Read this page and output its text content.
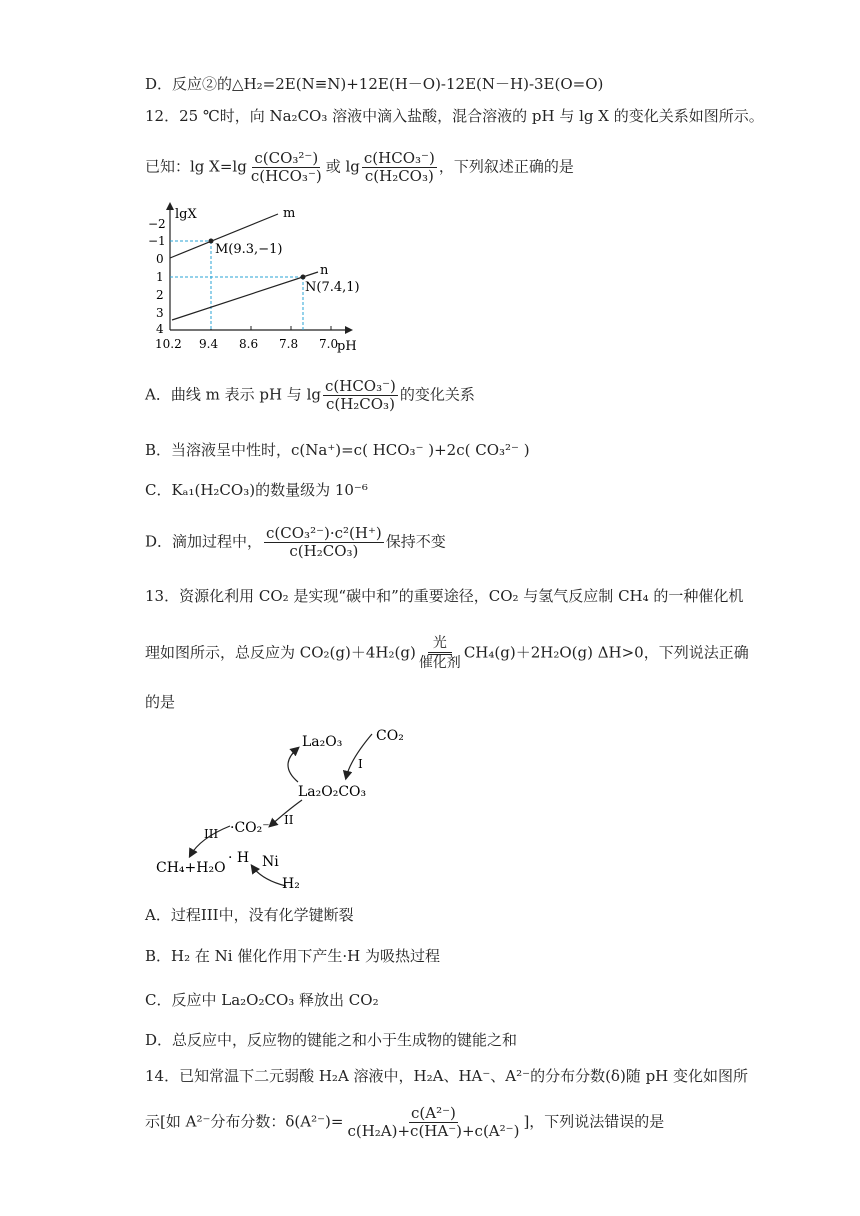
D．反应②的△H₂=2E(N≡N)+12E(H－O)-12E(N－H)-3E(O=O)
12．25 ℃时，向 Na₂CO₃ 溶液中滴入盐酸，混合溶液的 pH 与 lg X 的变化关系如图所示。
已知：$\lg X=\lg \frac{\text{c(CO₃²⁻)}}{\text{c(HCO₃⁻)}}$ 或 $\lg \frac{\text{c(HCO₃⁻)}}{\text{c(H₂CO₃)}}$ ，下列叙述正确的是
lgX
pH
−2
−1
0
1
2
3
4
10.2 9.4 8.6 7.8 7.0
m
n
M(9.3,−1)
N(7.4,1)
A．曲线 m 表示 pH 与 $\lg \frac{\text{c(HCO₃⁻)}}{\text{c(H₂CO₃)}}$ 的变化关系
B．当溶液呈中性时，c(Na⁺)=c( HCO₃⁻ )+2c( CO₃²⁻ )
C．Kₐ₁(H₂CO₃)的数量级为 10⁻⁶
D．滴加过程中， $\frac{\text{c(CO₃²⁻)·c²(H⁺)}}{\text{c(H₂CO₃)}}$ 保持不变
13．资源化利用 CO₂ 是实现“碳中和”的重要途径，CO₂ 与氢气反应制 CH₄ 的一种催化机
理如图所示，总反应为 CO₂(g)＋4H₂(g)
光
催化剂
CH₄(g)＋2H₂O(g) ΔH>0，下列说法正确
的是
La₂O₃ CO₂
I
La₂O₂CO₃
II
·CO₂⁻
III
· H
CH₄+H₂O	Ni
H₂
A．过程III中，没有化学键断裂
B．H₂ 在 Ni 催化作用下产生·H 为吸热过程
C．反应中 La₂O₂CO₃ 释放出 CO₂
D．总反应中，反应物的键能之和小于生成物的键能之和
14．已知常温下二元弱酸 H₂A 溶液中，H₂A、HA⁻、A²⁻的分布分数(δ)随 pH 变化如图所
示[如 A²⁻分布分数：$\delta(A^{2-})= \frac{\text{c(A²⁻)}}{\text{c(H₂A)+c(HA⁻)+c(A²⁻)}}$ ]，下列说法错误的是
